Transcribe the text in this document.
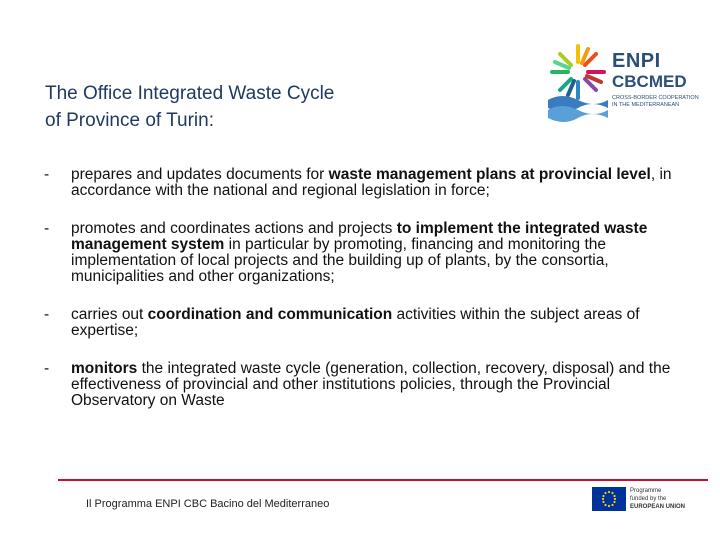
The Office Integrated Waste Cycle
of Province of Turin:
ENPI
CBCMED
CROSS-BORDER COOPERATION IN THE MEDITERRANEAN
-	prepares and updates documents for waste management plans at provincial level, in accordance with the national and regional legislation in force;
-	promotes and coordinates actions and projects to implement the integrated waste management system in particular by promoting, financing and monitoring the implementation of local projects and the building up of plants, by the consortia, municipalities and other organizations;
-	carries out coordination and communication activities within the subject areas of expertise;
-	monitors the integrated waste cycle (generation, collection, recovery, disposal) and the effectiveness of provincial and other institutions policies, through the Provincial Observatory on Waste
Il Programma ENPI CBC Bacino del Mediterraneo
Programme
funded by the
EUROPEAN UNION
